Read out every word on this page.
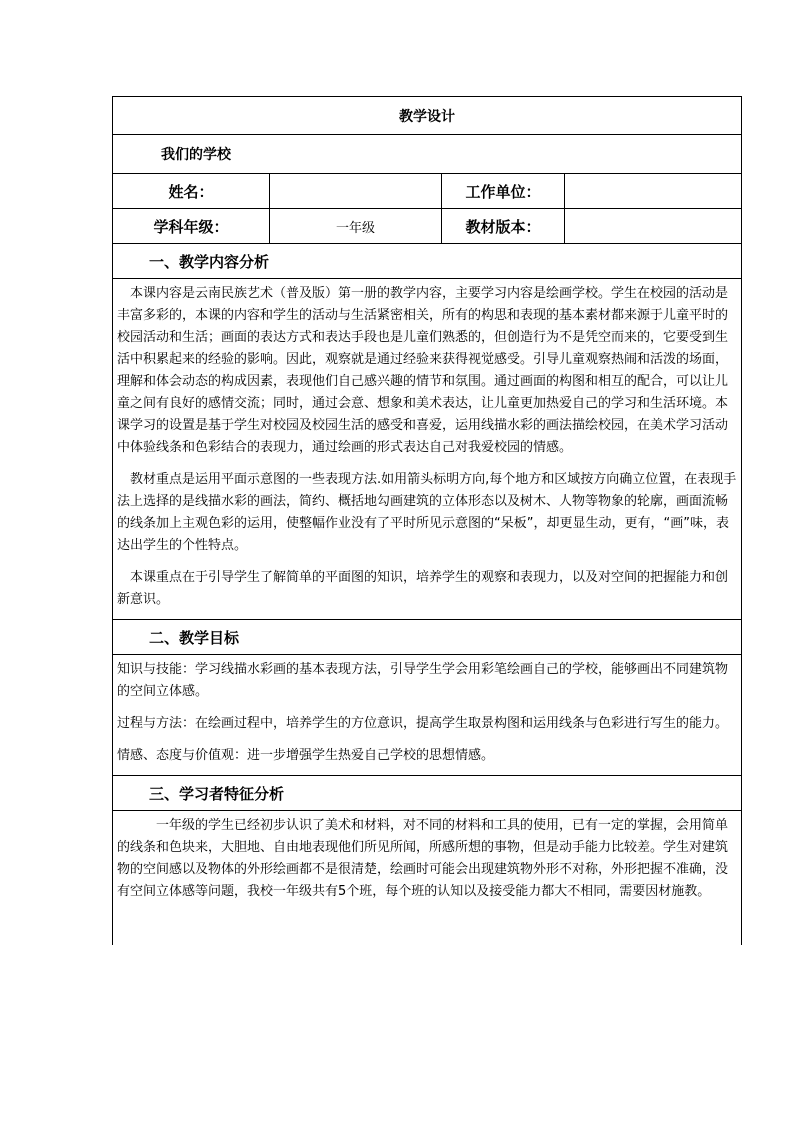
教学设计			
我们的学校			
姓名：		工作单位：	
学科年级：	一年级	教材版本：	
一、教学内容分析			

本课内容是云南民族艺术（普及版）第一册的教学内容，主要学习内容是绘画学校。学生在校园的活动是丰富多彩的，本课的内容和学生的活动与生活紧密相关，所有的构思和表现的基本素材都来源于儿童平时的校园活动和生活；画面的表达方式和表达手段也是儿童们熟悉的，但创造行为不是凭空而来的，它要受到生活中积累起来的经验的影响。因此，观察就是通过经验来获得视觉感受。引导儿童观察热闹和活泼的场面，理解和体会动态的构成因素，表现他们自己感兴趣的情节和氛围。通过画面的构图和相互的配合，可以让儿童之间有良好的感情交流；同时，通过会意、想象和美术表达，让儿童更加热爱自己的学习和生活环境。本课学习的设置是基于学生对校园及校园生活的感受和喜爱，运用线描水彩的画法描绘校园，在美术学习活动中体验线条和色彩结合的表现力，通过绘画的形式表达自己对我爱校园的情感。

教材重点是运用平面示意图的一些表现方法.如用箭头标明方向,每个地方和区域按方向确立位置，在表现手法上选择的是线描水彩的画法，简约、概括地勾画建筑的立体形态以及树木、人物等物象的轮廓，画面流畅的线条加上主观色彩的运用，使整幅作业没有了平时所见示意图的“呆板”，却更显生动，更有，“画”味，表达出学生的个性特点。

本课重点在于引导学生了解简单的平面图的知识，培养学生的观察和表现力，以及对空间的把握能力和创新意识。			

二、教学目标			

知识与技能：学习线描水彩画的基本表现方法，引导学生学会用彩笔绘画自己的学校，能够画出不同建筑物的空间立体感。

过程与方法：在绘画过程中，培养学生的方位意识，提高学生取景构图和运用线条与色彩进行写生的能力。

情感、态度与价值观：进一步增强学生热爱自己学校的思想情感。			

三、学习者特征分析			

一年级的学生已经初步认识了美术和材料，对不同的材料和工具的使用，已有一定的掌握，会用简单的线条和色块来，大胆地、自由地表现他们所见所闻，所感所想的事物，但是动手能力比较差。学生对建筑物的空间感以及物体的外形绘画都不是很清楚，绘画时可能会出现建筑物外形不对称，外形把握不准确，没有空间立体感等问题，我校一年级共有5个班，每个班的认知以及接受能力都大不相同，需要因材施教。			
